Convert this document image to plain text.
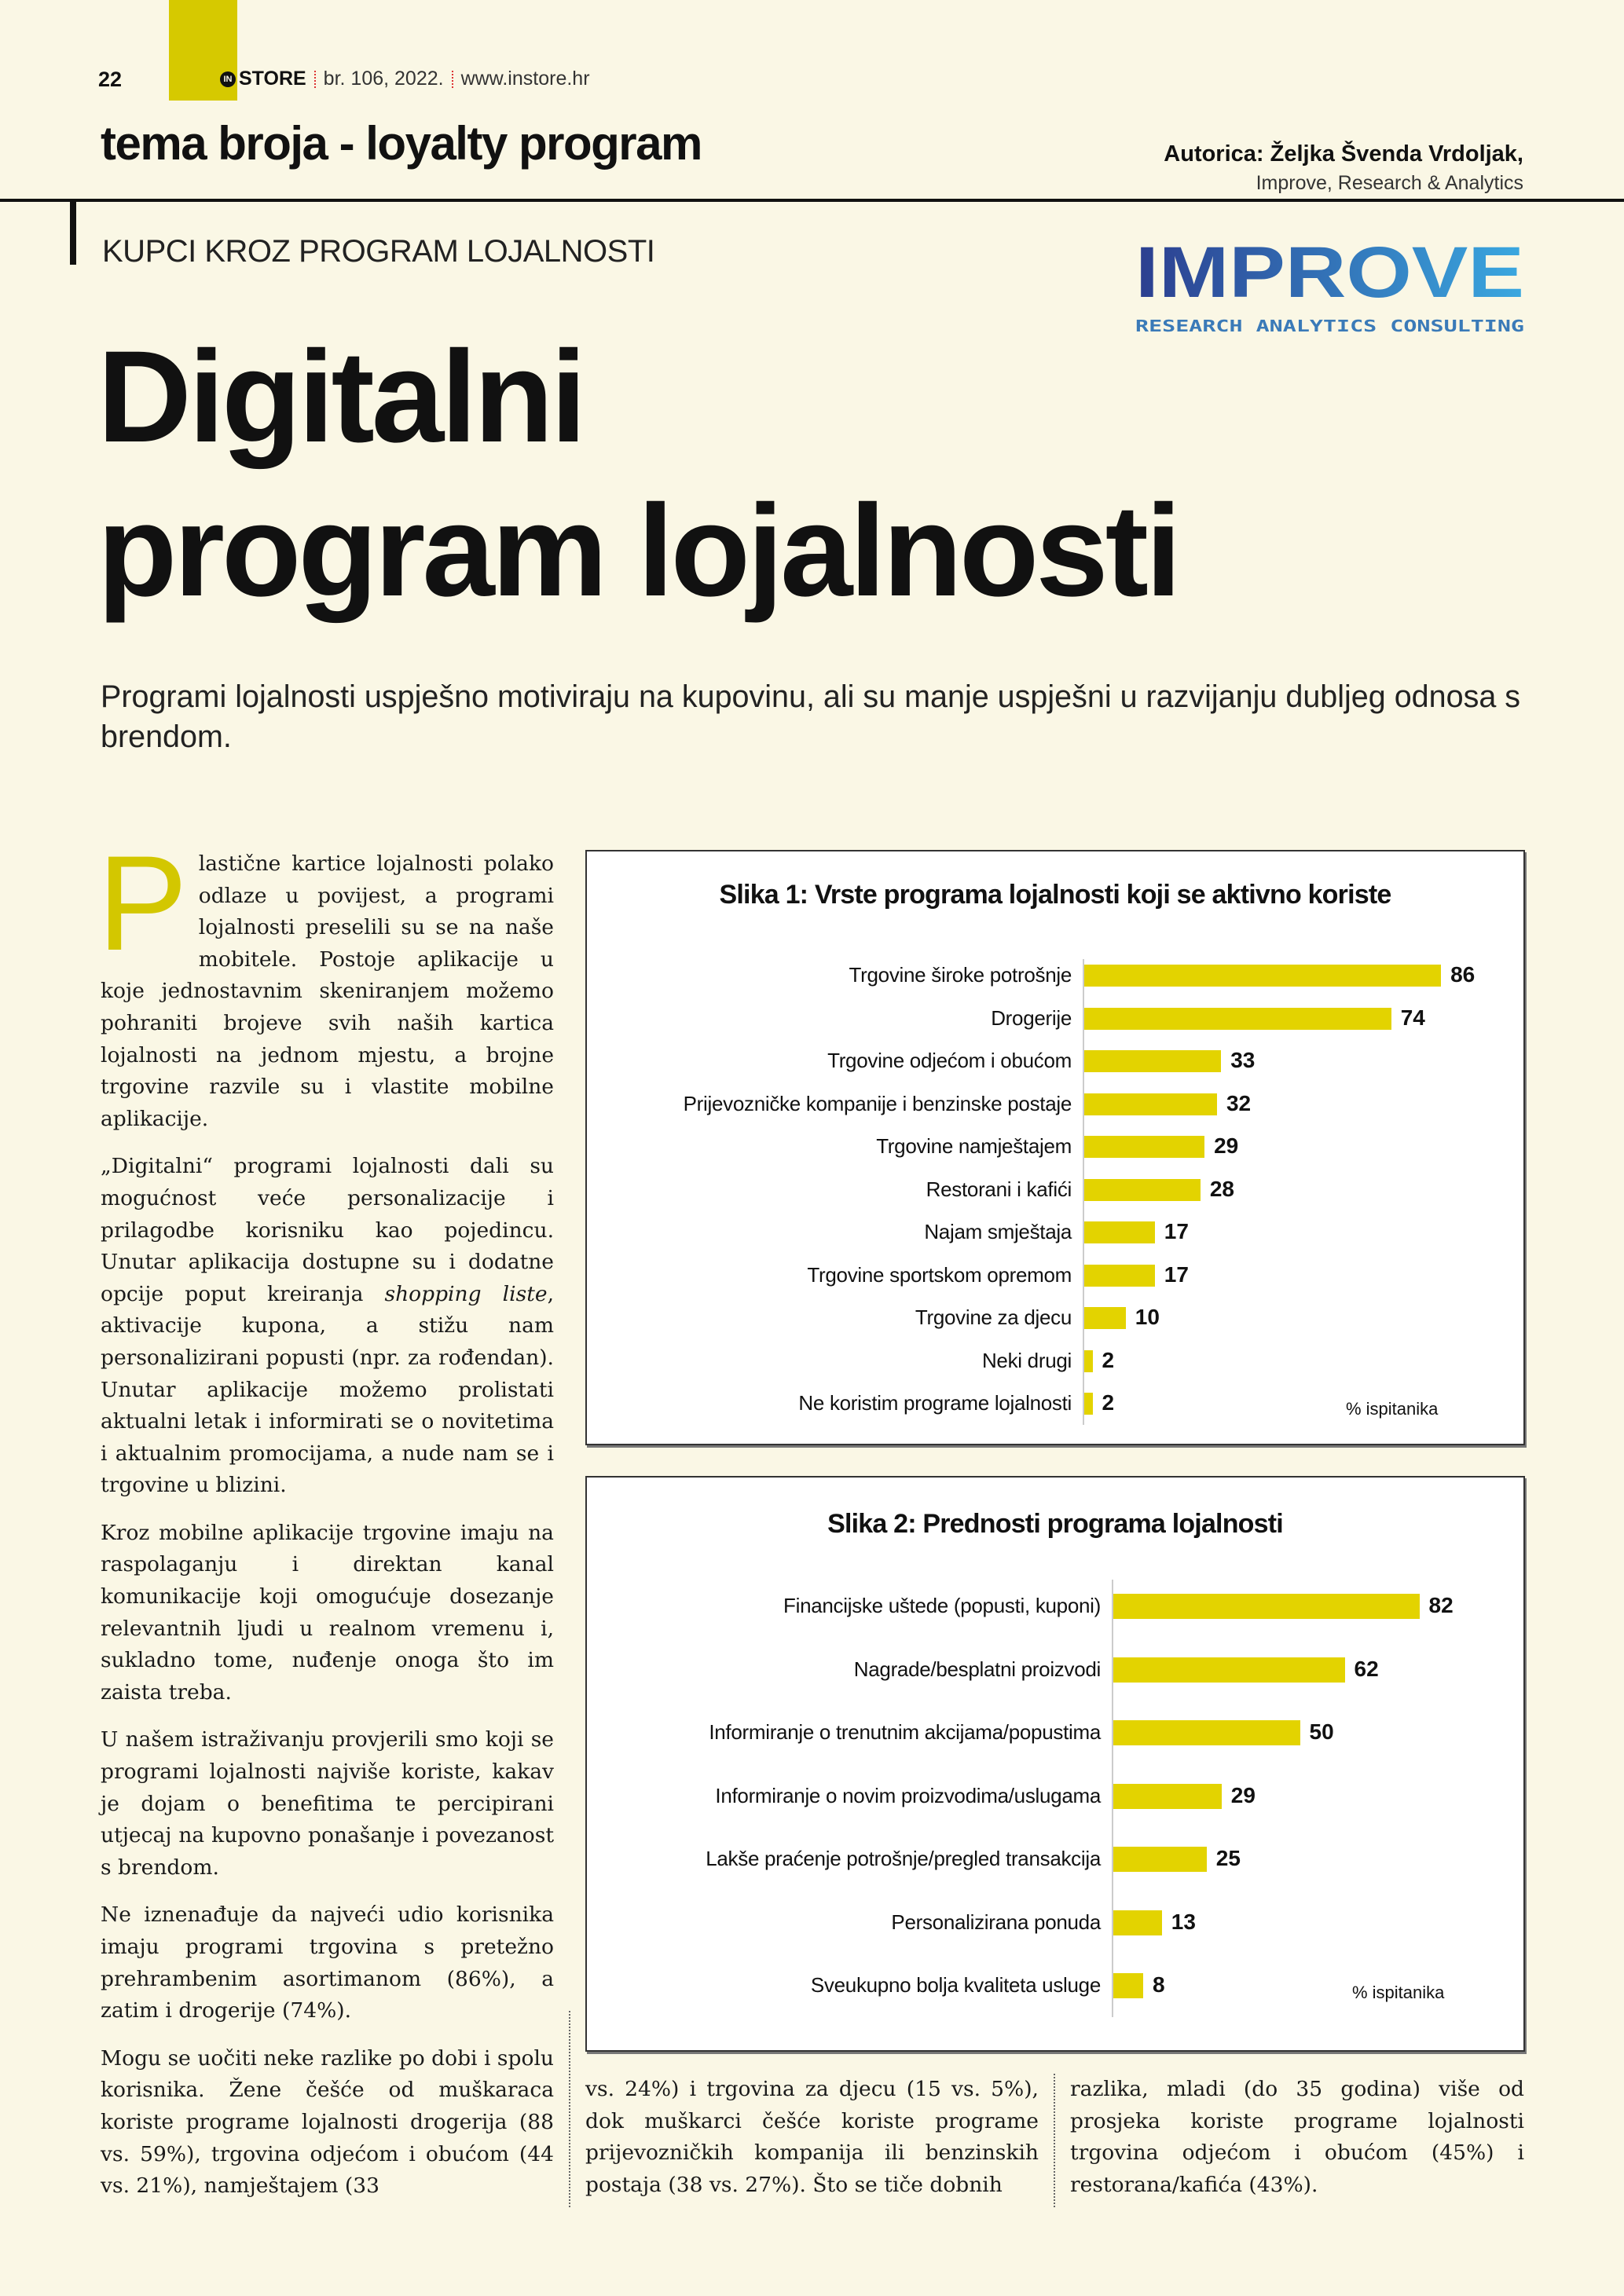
22	IN STORE br. 106, 2022. www.instore.hr
tema broja - loyalty program	Autorica: Željka Švenda Vrdoljak,
Improve, Research & Analytics
KUPCI KROZ PROGRAM LOJALNOSTI	IMPROVE
RESEARCH ANALYTICS CONSULTING
Digitalni
program lojalnosti
Programi lojalnosti uspješno motiviraju na kupovinu, ali su manje uspješni u razvijanju dubljeg odnosa s brendom.

Plastične kartice lojalnosti polako odlaze u povijest, a programi lojalnosti preselili su se na naše mobitele. Postoje aplikacije u koje jednostavnim skeniranjem možemo pohraniti brojeve svih naših kartica lojalnosti na jednom mjestu, a brojne trgovine razvile su i vlastite mobilne aplikacije.

„Digitalni“ programi lojalnosti dali su mogućnost veće personalizacije i prilagodbe korisniku kao pojedincu. Unutar aplikacija dostupne su i dodatne opcije poput kreiranja shopping liste, aktivacije kupona, a stižu nam personalizirani popusti (npr. za rođendan). Unutar aplikacije možemo prolistati aktualni letak i informirati se o novitetima i aktualnim promocijama, a nude nam se i trgovine u blizini.

Kroz mobilne aplikacije trgovine imaju na raspolaganju i direktan kanal komunikacije koji omogućuje dosezanje relevantnih ljudi u realnom vremenu i, sukladno tome, nuđenje onoga što im zaista treba.

U našem istraživanju provjerili smo koji se programi lojalnosti najviše koriste, kakav je dojam o benefitima te percipirani utjecaj na kupovno ponašanje i povezanost s brendom.

Ne iznenađuje da najveći udio korisnika imaju programi trgovina s pretežno prehrambenim asortimanom (86%), a zatim i drogerije (74%).

Mogu se uočiti neke razlike po dobi i spolu korisnika. Žene češće od muškaraca koriste programe lojalnosti drogerija (88 vs. 59%), trgovina odjećom i obućom (44 vs. 21%), namještajem (33

vs. 24%) i trgovina za djecu (15 vs. 5%), dok muškarci češće koriste programe prijevozničkih kompanija ili benzinskih postaja (38 vs. 27%). Što se tiče dobnih

razlika, mladi (do 35 godina) više od prosjeka koriste programe lojalnosti trgovina odjećom i obućom (45%) i restorana/kafića (43%).

Slika 1: Vrste programa lojalnosti koji se aktivno koriste
Trgovine široke potrošnje	86
Drogerije	74
Trgovine odjećom i obućom	33
Prijevozničke kompanije i benzinske postaje	32
Trgovine namještajem	29
Restorani i kafići	28
Najam smještaja	17
Trgovine sportskom opremom	17
Trgovine za djecu	10
Neki drugi 2
Ne koristim programe lojalnosti 2	% ispitanika
Slika 2: Prednosti programa lojalnosti
Financijske uštede (popusti, kuponi)	82
Nagrade/besplatni proizvodi	62
Informiranje o trenutnim akcijama/popustima	50
Informiranje o novim proizvodima/uslugama	29
Lakše praćenje potrošnje/pregled transakcija	25
Personalizirana ponuda	13
Sveukupno bolja kvaliteta usluge 8	% ispitanika
